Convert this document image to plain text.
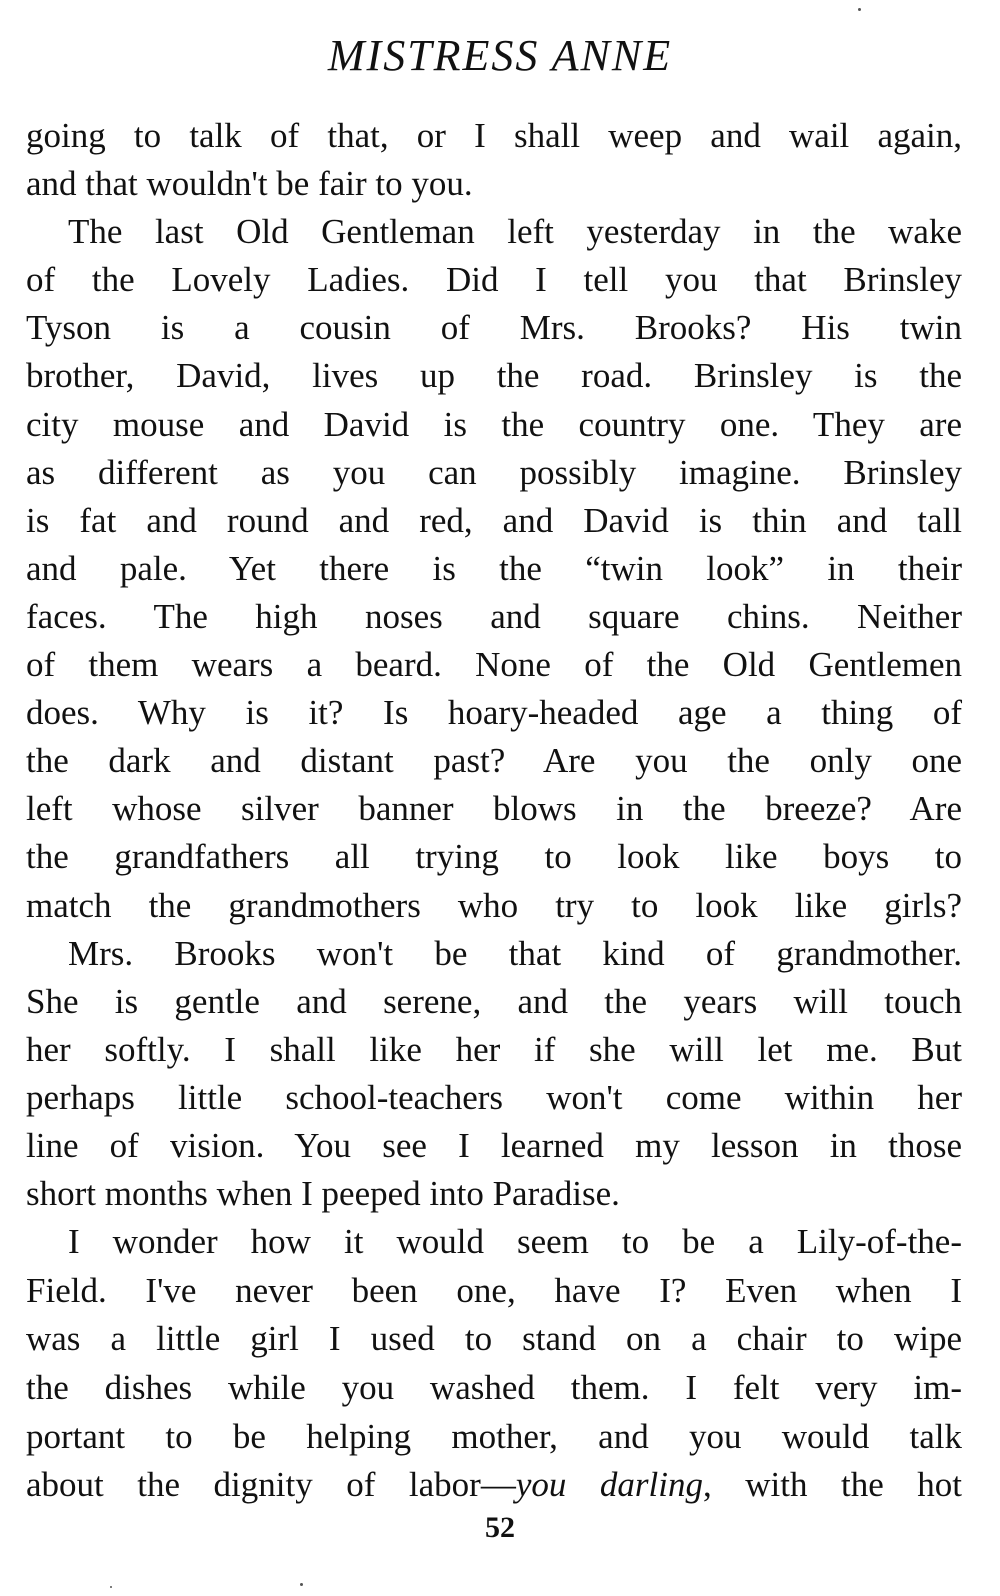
MISTRESS ANNE
going to talk of that, or I shall weep and wail again,
and that wouldn't be fair to you.
The last Old Gentleman left yesterday in the wake
of the Lovely Ladies. Did I tell you that Brinsley
Tyson is a cousin of Mrs. Brooks? His twin
brother, David, lives up the road. Brinsley is the
city mouse and David is the country one. They are
as different as you can possibly imagine. Brinsley
is fat and round and red, and David is thin and tall
and pale. Yet there is the “twin look” in their
faces. The high noses and square chins. Neither
of them wears a beard. None of the Old Gentlemen
does. Why is it? Is hoary-headed age a thing of
the dark and distant past? Are you the only one
left whose silver banner blows in the breeze? Are
the grandfathers all trying to look like boys to
match the grandmothers who try to look like girls?
Mrs. Brooks won't be that kind of grandmother.
She is gentle and serene, and the years will touch
her softly. I shall like her if she will let me. But
perhaps little school-teachers won't come within her
line of vision. You see I learned my lesson in those
short months when I peeped into Paradise.
I wonder how it would seem to be a Lily-of-the-
Field. I've never been one, have I? Even when I
was a little girl I used to stand on a chair to wipe
the dishes while you washed them. I felt very im-
portant to be helping mother, and you would talk
about the dignity of labor—you darling, with the hot
52
